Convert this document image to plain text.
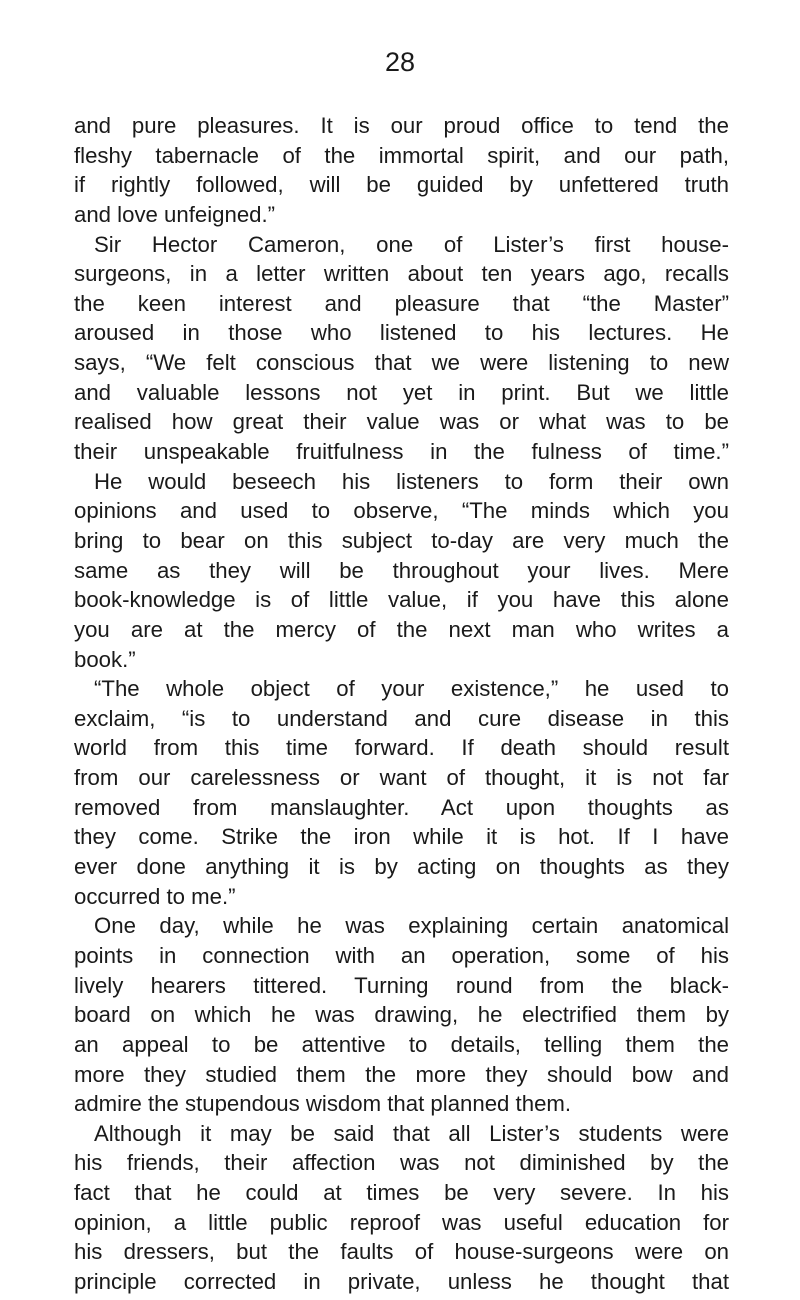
28
and pure pleasures. It is our proud office to tend the
fleshy tabernacle of the immortal spirit, and our path,
if rightly followed, will be guided by unfettered truth
and love unfeigned.”
Sir Hector Cameron, one of Lister’s first house-
surgeons, in a letter written about ten years ago, recalls
the keen interest and pleasure that “the Master”
aroused in those who listened to his lectures. He
says, “We felt conscious that we were listening to new
and valuable lessons not yet in print. But we little
realised how great their value was or what was to be
their unspeakable fruitfulness in the fulness of time.”
He would beseech his listeners to form their own
opinions and used to observe, “The minds which you
bring to bear on this subject to-day are very much the
same as they will be throughout your lives. Mere
book-knowledge is of little value, if you have this alone
you are at the mercy of the next man who writes a
book.”
“The whole object of your existence,” he used to
exclaim, “is to understand and cure disease in this
world from this time forward. If death should result
from our carelessness or want of thought, it is not far
removed from manslaughter. Act upon thoughts as
they come. Strike the iron while it is hot. If I have
ever done anything it is by acting on thoughts as they
occurred to me.”
One day, while he was explaining certain anatomical
points in connection with an operation, some of his
lively hearers tittered. Turning round from the black-
board on which he was drawing, he electrified them by
an appeal to be attentive to details, telling them the
more they studied them the more they should bow and
admire the stupendous wisdom that planned them.
Although it may be said that all Lister’s students were
his friends, their affection was not diminished by the
fact that he could at times be very severe. In his
opinion, a little public reproof was useful education for
his dressers, but the faults of house-surgeons were on
principle corrected in private, unless he thought that
